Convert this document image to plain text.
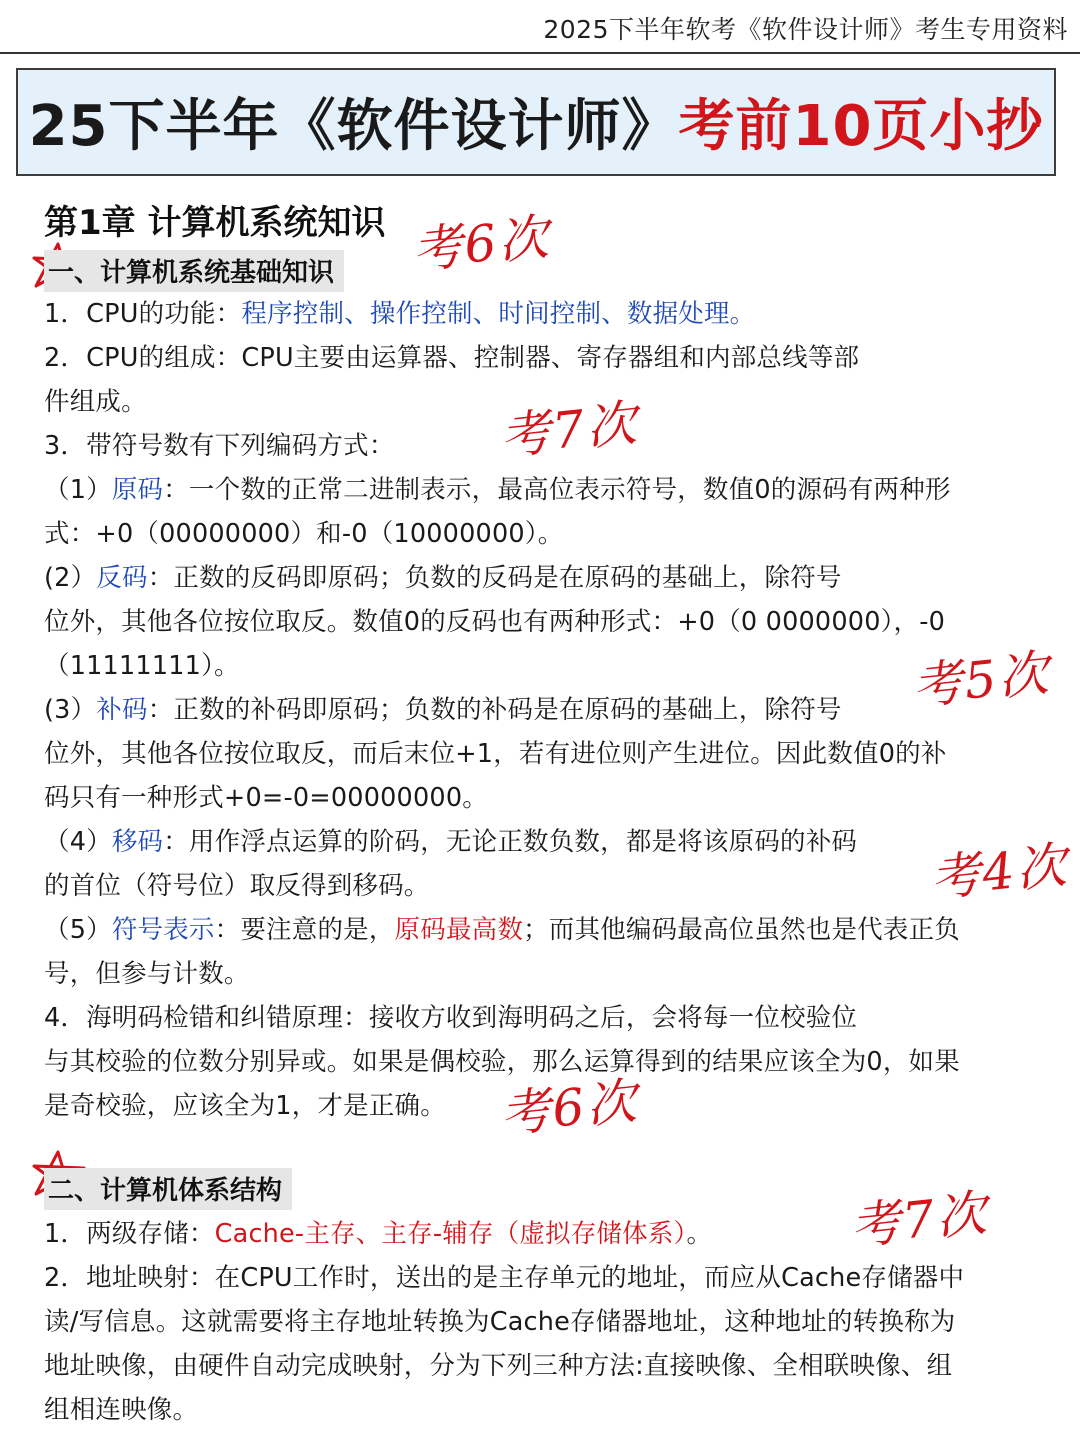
2025下半年软考《软件设计师》考生专用资料
25下半年《软件设计师》 考前10页小抄
第1章 计算机系统知识
一、计算机系统基础知识
1．CPU的功能：程序控制、操作控制、时间控制、数据处理。
2．CPU的组成：CPU主要由运算器、控制器、寄存器组和内部总线等部
件组成。
3．带符号数有下列编码方式：
（1）原码：一个数的正常二进制表示，最高位表示符号，数值0的源码有两种形
式：+0（00000000）和-0（10000000）。
(2）反码：正数的反码即原码；负数的反码是在原码的基础上，除符号
位外，其他各位按位取反。数值0的反码也有两种形式：+0（0 0000000），-0
（11111111）。
(3）补码：正数的补码即原码；负数的补码是在原码的基础上，除符号
位外，其他各位按位取反，而后末位+1，若有进位则产生进位。因此数值0的补
码只有一种形式+0=-0=00000000。
（4）移码：用作浮点运算的阶码，无论正数负数，都是将该原码的补码
的首位（符号位）取反得到移码。
（5）符号表示：要注意的是，原码最高数；而其他编码最高位虽然也是代表正负
号，但参与计数。
4．海明码检错和纠错原理：接收方收到海明码之后，会将每一位校验位
与其校验的位数分别异或。如果是偶校验，那么运算得到的结果应该全为0，如果
是奇校验，应该全为1，才是正确。
二、计算机体系结构
1．两级存储：Cache-主存、主存-辅存（虚拟存储体系）。
2．地址映射：在CPU工作时，送出的是主存单元的地址，而应从Cache存储器中
读/写信息。这就需要将主存地址转换为Cache存储器地址，这种地址的转换称为
地址映像，由硬件自动完成映射，分为下列三种方法:直接映像、全相联映像、组
组相连映像。
考6次
考7次
考5次
考4次
考6次
考7次
